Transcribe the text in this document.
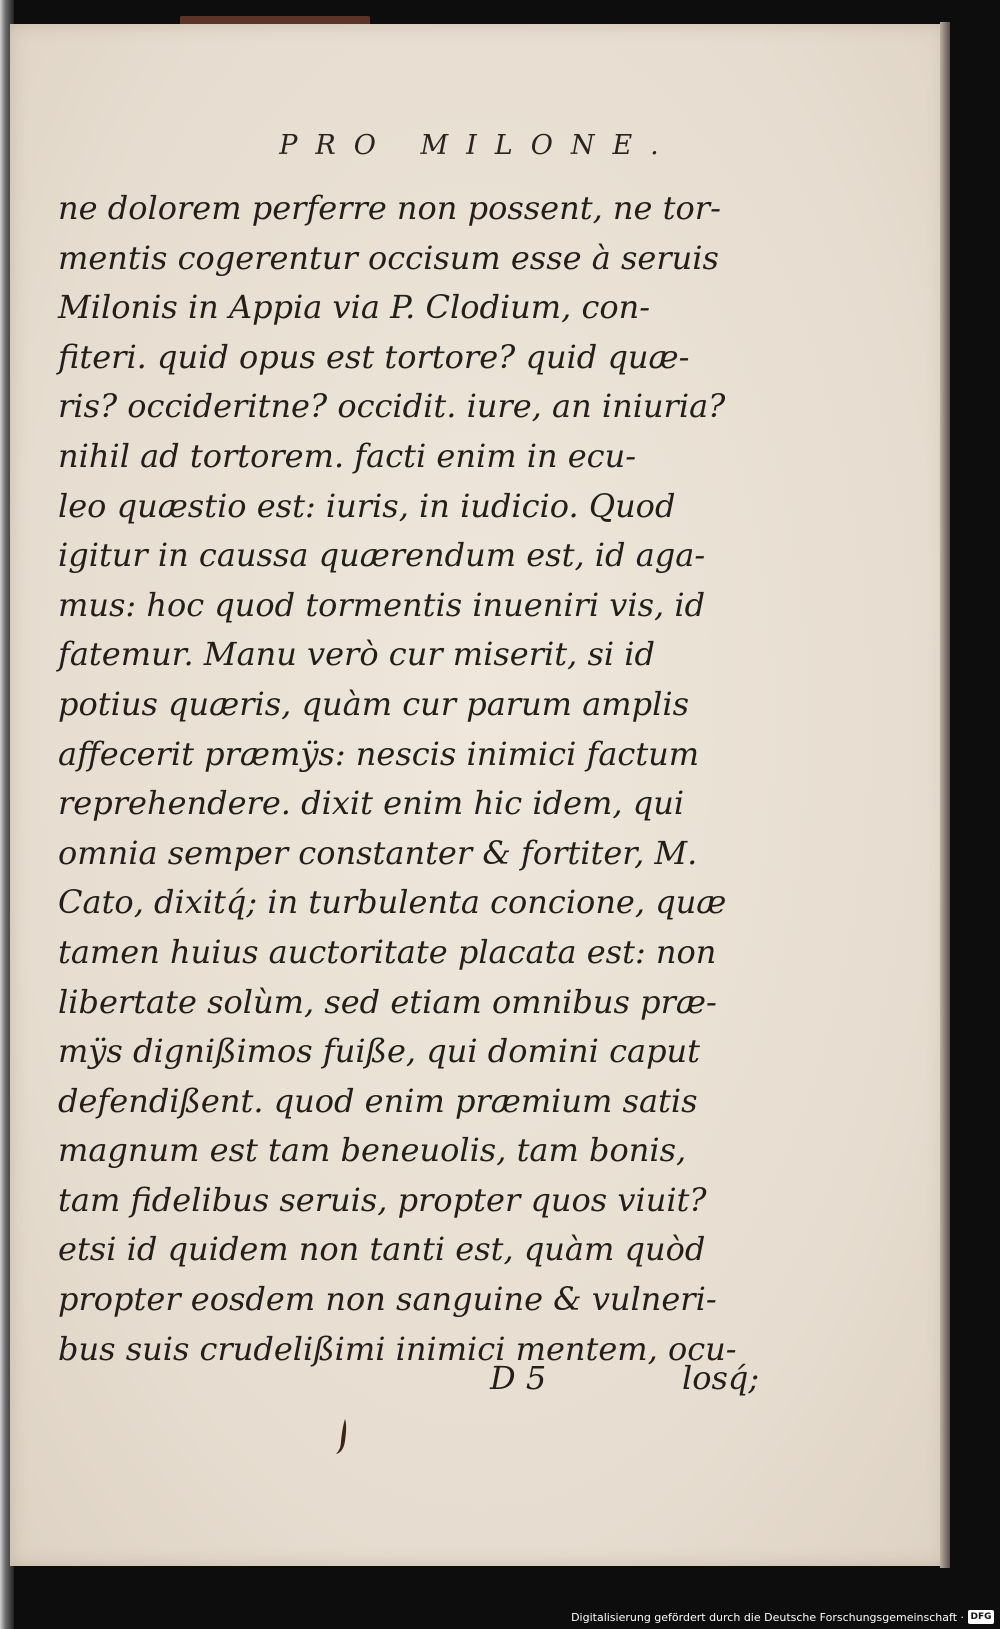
PRO MILONE.
ne dolorem perferre non possent, ne tor-
mentis cogerentur occisum esse à seruis
Milonis in Appia via P. Clodium, con-
fiteri. quid opus est tortore? quid quæ-
ris? occideritne? occidit. iure, an iniuria?
nihil ad tortorem. facti enim in ecu-
leo quæstio est: iuris, in iudicio. Quod
igitur in caussa quærendum est, id aga-
mus: hoc quod tormentis inueniri vis, id
fatemur. Manu verò cur miserit, si id
potius quæris, quàm cur parum amplis
affecerit præmÿs: nescis inimici factum
reprehendere. dixit enim hic idem, qui
omnia semper constanter & fortiter, M.
Cato, dixitq́; in turbulenta concione, quæ
tamen huius auctoritate placata est: non
libertate solùm, sed etiam omnibus præ-
mÿs dignißimos fuiße, qui domini caput
defendißent. quod enim præmium satis
magnum est tam beneuolis, tam bonis,
tam fidelibus seruis, propter quos viuit?
etsi id quidem non tanti est, quàm quòd
propter eosdem non sanguine & vulneri-
bus suis crudelißimi inimici mentem, ocu-
D 5	losq́;
Digitalisierung gefördert durch die Deutsche Forschungsgemeinschaft · DFG
